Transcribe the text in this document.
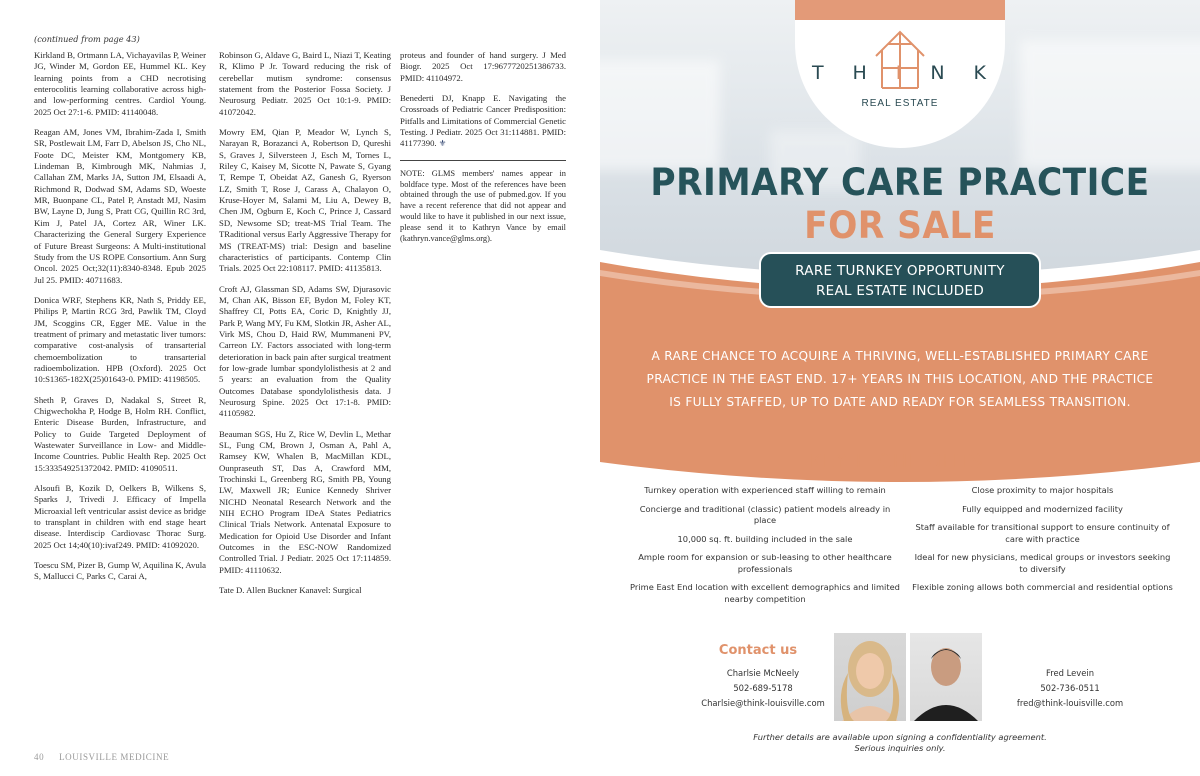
(continued from page 43)

Kirkland B, Ortmann LA, Vichayavilas P, Weiner JG, Winder M, Gordon EE, Hummel KL. Key learning points from a CHD necrotising enterocolitis learning collaborative across high- and low-performing centres. Cardiol Young. 2025 Oct 27:1-6. PMID: 41140048.

Reagan AM, Jones VM, Ibrahim-Zada I, Smith SR, Postlewait LM, Farr D, Abelson JS, Cho NL, Foote DC, Meister KM, Montgomery KB, Lindeman B, Kimbrough MK, Nahmias J, Callahan ZM, Marks JA, Sutton JM, Elsaadi A, Richmond R, Dodwad SM, Adams SD, Woeste MR, Buonpane CL, Patel P, Anstadt MJ, Nasim BW, Layne D, Jung S, Pratt CG, Quillin RC 3rd, Kim J, Patel JA, Cortez AR, Winer LK. Characterizing the General Surgery Experience of Future Breast Surgeons: A Multi-institutional Study from the US ROPE Consortium. Ann Surg Oncol. 2025 Oct;32(11):8340-8348. Epub 2025 Jul 25. PMID: 40711683.

Donica WRF, Stephens KR, Nath S, Priddy EE, Philips P, Martin RCG 3rd, Pawlik TM, Cloyd JM, Scoggins CR, Egger ME. Value in the treatment of primary and metastatic liver tumors: comparative cost-analysis of transarterial chemoembolization to transarterial radioembolization. HPB (Oxford). 2025 Oct 10:S1365-182X(25)01643-0. PMID: 41198505.

Sheth P, Graves D, Nadakal S, Street R, Chigwechokha P, Hodge B, Holm RH. Conflict, Enteric Disease Burden, Infrastructure, and Policy to Guide Targeted Deployment of Wastewater Surveillance in Low- and Middle-Income Countries. Public Health Rep. 2025 Oct 15:333549251372042. PMID: 41090511.

Alsoufi B, Kozik D, Oelkers B, Wilkens S, Sparks J, Trivedi J. Efficacy of Impella Microaxial left ventricular assist device as bridge to transplant in children with end stage heart disease. Interdiscip Cardiovasc Thorac Surg. 2025 Oct 14;40(10):ivaf249. PMID: 41092020.

Toescu SM, Pizer B, Gump W, Aquilina K, Avula S, Mallucci C, Parks C, Carai A,

Robinson G, Aldave G, Baird L, Niazi T, Keating R, Klimo P Jr. Toward reducing the risk of cerebellar mutism syndrome: consensus statement from the Posterior Fossa Society. J Neurosurg Pediatr. 2025 Oct 10:1-9. PMID: 41072042.

Mowry EM, Qian P, Meador W, Lynch S, Narayan R, Borazanci A, Robertson D, Qureshi S, Graves J, Silversteen J, Esch M, Tornes L, Riley C, Kaisey M, Sicotte N, Pawate S, Gyang T, Rempe T, Obeidat AZ, Ganesh G, Ryerson LZ, Smith T, Rose J, Carass A, Chalayon O, Kruse-Hoyer M, Salami M, Liu A, Dewey B, Chen JM, Ogburn E, Koch C, Prince J, Cassard SD, Newsome SD; treat-MS Trial Team. The TRaditional versus Early Aggressive Therapy for MS (TREAT-MS) trial: Design and baseline characteristics of participants. Contemp Clin Trials. 2025 Oct 22:108117. PMID: 41135813.

Croft AJ, Glassman SD, Adams SW, Djurasovic M, Chan AK, Bisson EF, Bydon M, Foley KT, Shaffrey CI, Potts EA, Coric D, Knightly JJ, Park P, Wang MY, Fu KM, Slotkin JR, Asher AL, Virk MS, Chou D, Haid RW, Mummaneni PV, Carreon LY. Factors associated with long-term deterioration in back pain after surgical treatment for low-grade lumbar spondylolisthesis at 2 and 5 years: an evaluation from the Quality Outcomes Database spondylolisthesis data. J Neurosurg Spine. 2025 Oct 17:1-8. PMID: 41105982.

Beauman SGS, Hu Z, Rice W, Devlin L, Methar SL, Fung CM, Brown J, Osman A, Pahl A, Ramsey KW, Whalen B, MacMillan KDL, Ounpraseuth ST, Das A, Crawford MM, Trochinski L, Greenberg RG, Smith PB, Young LW, Maxwell JR; Eunice Kennedy Shriver NICHD Neonatal Research Network and the NIH ECHO Program IDeA States Pediatrics Clinical Trials Network. Antenatal Exposure to Medication for Opioid Use Disorder and Infant Outcomes in the ESC-NOW Randomized Controlled Trial. J Pediatr. 2025 Oct 17:114859. PMID: 41110632.

Tate D. Allen Buckner Kanavel: Surgical

proteus and founder of hand surgery. J Med Biogr. 2025 Oct 17:9677720251386733. PMID: 41104972.

Benederti DJ, Knapp E. Navigating the Crossroads of Pediatric Cancer Predisposition: Pitfalls and Limitations of Commercial Genetic Testing. J Pediatr. 2025 Oct 31:114881. PMID: 41177390. ⚜

NOTE: GLMS members' names appear in boldface type. Most of the references have been obtained through the use of pubmed.gov. If you have a recent reference that did not appear and would like to have it published in our next issue, please send it to Kathryn Vance by email (kathryn.vance@glms.org).

40 LOUISVILLE MEDICINE
T H I N K
REAL ESTATE
PRIMARY CARE PRACTICE
FOR SALE
RARE TURNKEY OPPORTUNITY
REAL ESTATE INCLUDED
A RARE CHANCE TO ACQUIRE A THRIVING, WELL-ESTABLISHED PRIMARY CARE PRACTICE IN THE EAST END. 17+ YEARS IN THIS LOCATION, AND THE PRACTICE IS FULLY STAFFED, UP TO DATE AND READY FOR SEAMLESS TRANSITION.
KEY HIGHLIGHTS:
Turnkey operation with experienced staff willing to remain
Concierge and traditional (classic) patient models already in place
10,000 sq. ft. building included in the sale
Ample room for expansion or sub-leasing to other healthcare professionals
Prime East End location with excellent demographics and limited nearby competition
Close proximity to major hospitals
Fully equipped and modernized facility
Staff available for transitional support to ensure continuity of care with practice
Ideal for new physicians, medical groups or investors seeking to diversify
Flexible zoning allows both commercial and residential options
Contact us
Charlsie McNeely
502-689-5178
Charlsie@think-louisville.com
Fred Levein
502-736-0511
fred@think-louisville.com
Further details are available upon signing a confidentiality agreement.
Serious inquiries only.
